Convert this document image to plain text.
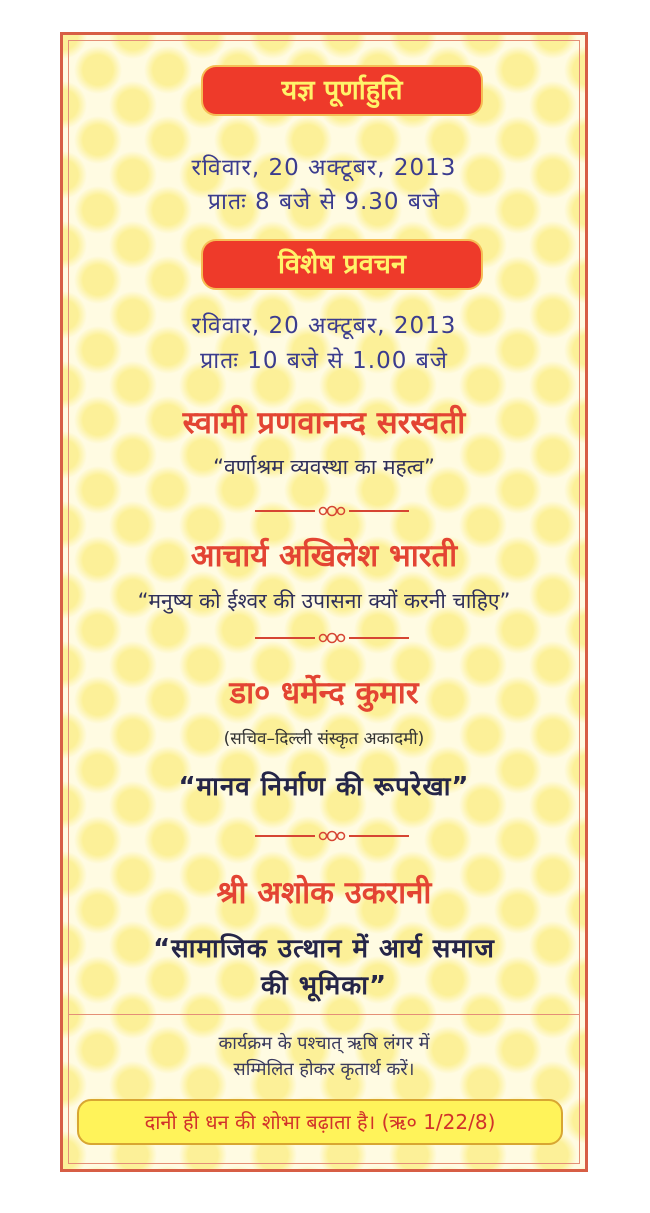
यज्ञ पूर्णाहुति
रविवार, 20 अक्टूबर, 2013
प्रातः 8 बजे से 9.30 बजे
विशेष प्रवचन
रविवार, 20 अक्टूबर, 2013
प्रातः 10 बजे से 1.00 बजे
स्वामी प्रणवानन्द सरस्वती
“वर्णाश्रम व्यवस्था का महत्व”
आचार्य अखिलेश भारती
“मनुष्य को ईश्वर की उपासना क्यों करनी चाहिए”
डा० धर्मेन्द कुमार
(सचिव–दिल्ली संस्कृत अकादमी)
“मानव निर्माण की रूपरेखा”
श्री अशोक उकरानी
“सामाजिक उत्थान में आर्य समाज
की भूमिका”
कार्यक्रम के पश्चात् ऋषि लंगर में
सम्मिलित होकर कृतार्थ करें।
दानी ही धन की शोभा बढ़ाता है। (ऋ० 1/22/8)
